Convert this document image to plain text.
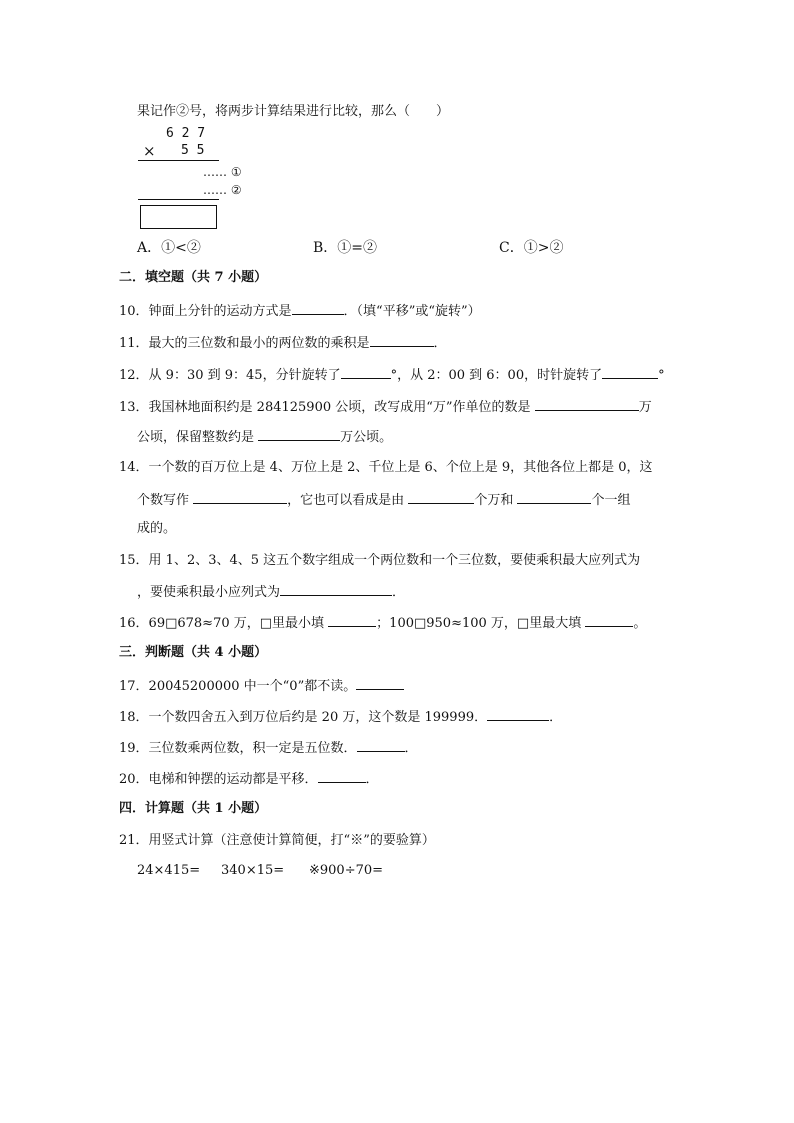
果记作②号，将两步计算结果进行比较，那么（　　）
6 2 7
× 5 5
…… ①
…… ②
A．①<②	B．①=②	C．①>②
二．填空题（共 7 小题）
10．钟面上分针的运动方式是	．（填“平移”或“旋转”）
11．最大的三位数和最小的两位数的乘积是	．
12．从 9：30 到 9：45，分针旋转了	°，从 2：00 到 6：00，时针旋转了	°
13．我国林地面积约是 284125900 公顷，改写成用“万”作单位的数是	万
公顷，保留整数约是	万公顷。
14．一个数的百万位上是 4、万位上是 2、千位上是 6、个位上是 9，其他各位上都是 0，这
个数写作	，它也可以看成是由	个万和	个一组
成的。
15．用 1、2、3、4、5 这五个数字组成一个两位数和一个三位数，要使乘积最大应列式为
，要使乘积最小应列式为	．
16．69□678≈70 万，□里最小填	；100□950≈100 万，□里最大填	。
三．判断题（共 4 小题）
17．20045200000 中一个“0”都不读。
18．一个数四舍五入到万位后约是 20 万，这个数是 199999．	．
19．三位数乘两位数，积一定是五位数．	．
20．电梯和钟摆的运动都是平移．	．
四．计算题（共 1 小题）
21．用竖式计算（注意使计算简便，打“※”的要验算）
24×415= 340×15= ※900÷70=
